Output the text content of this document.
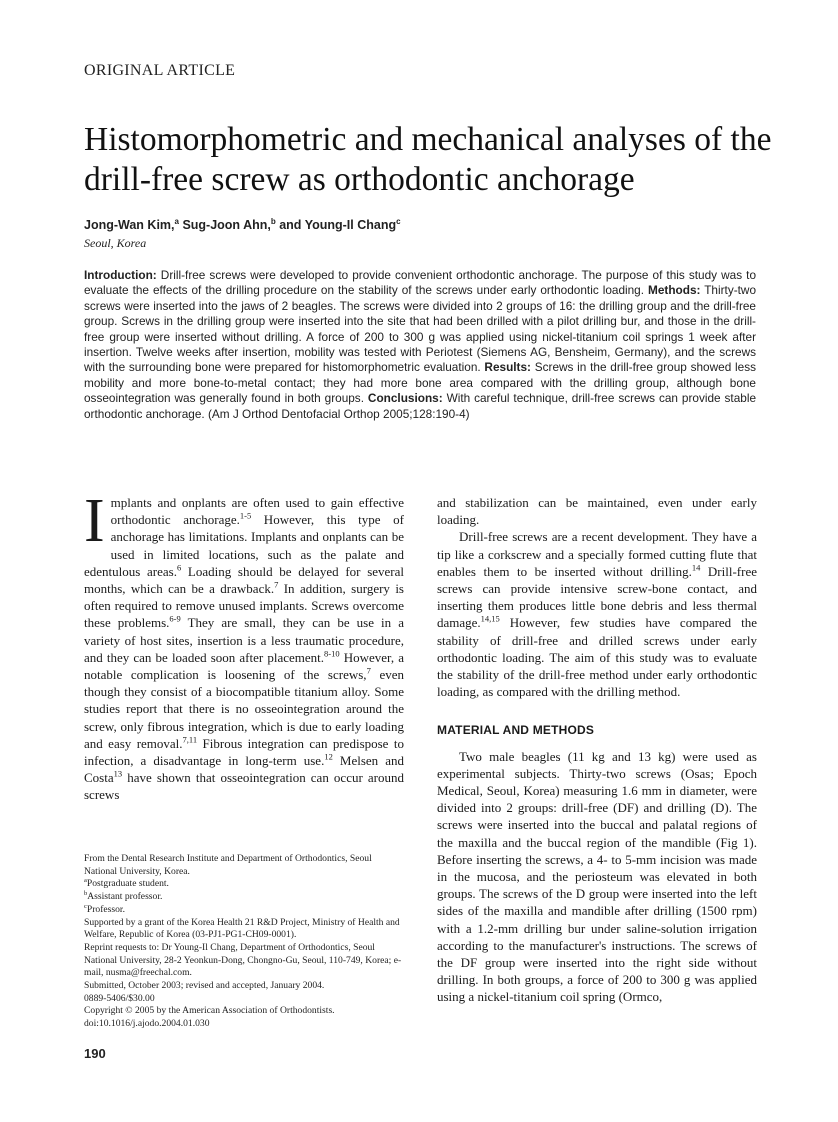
ORIGINAL ARTICLE
Histomorphometric and mechanical analyses of the drill-free screw as orthodontic anchorage
Jong-Wan Kim,$^a$ Sug-Joon Ahn,$^b$ and Young-Il Chang$^c$
Seoul, Korea

Introduction: Drill-free screws were developed to provide convenient orthodontic anchorage. The purpose of this study was to evaluate the effects of the drilling procedure on the stability of the screws under early orthodontic loading. Methods: Thirty-two screws were inserted into the jaws of 2 beagles. The screws were divided into 2 groups of 16: the drilling group and the drill-free group. Screws in the drilling group were inserted into the site that had been drilled with a pilot drilling bur, and those in the drill-free group were inserted without drilling. A force of 200 to 300 g was applied using nickel-titanium coil springs 1 week after insertion. Twelve weeks after insertion, mobility was tested with Periotest (Siemens AG, Bensheim, Germany), and the screws with the surrounding bone were prepared for histomorphometric evaluation. Results: Screws in the drill-free group showed less mobility and more bone-to-metal contact; they had more bone area compared with the drilling group, although bone osseointegration was generally found in both groups. Conclusions: With careful technique, drill-free screws can provide stable orthodontic anchorage. (Am J Orthod Dentofacial Orthop 2005;128:190-4)

Implants and onplants are often used to gain effective orthodontic anchorage.$^{1-5}$ However, this type of anchorage has limitations. Implants and onplants can be used in limited locations, such as the palate and edentulous areas.$^6$ Loading should be delayed for several months, which can be a drawback.$^7$ In addition, surgery is often required to remove unused implants. Screws overcome these problems.$^{6-9}$ They are small, they can be use in a variety of host sites, insertion is a less traumatic procedure, and they can be loaded soon after placement.$^{8-10}$ However, a notable complication is loosening of the screws,$^7$ even though they consist of a biocompatible titanium alloy. Some studies report that there is no osseointegration around the screw, only fibrous integration, which is due to early loading and easy removal.$^{7,11}$ Fibrous integration can predispose to infection, a disadvantage in long-term use.$^{12}$ Melsen and Costa$^{13}$ have shown that osseointegration can occur around screws

From the Dental Research Institute and Department of Orthodontics, Seoul National University, Korea.

$^a$Postgraduate student.

$^b$Assistant professor.

$^c$Professor.

Supported by a grant of the Korea Health 21 R&D Project, Ministry of Health and Welfare, Republic of Korea (03-PJ1-PG1-CH09-0001).

Reprint requests to: Dr Young-Il Chang, Department of Orthodontics, Seoul National University, 28-2 Yeonkun-Dong, Chongno-Gu, Seoul, 110-749, Korea; e-mail, nusma@freechal.com.

Submitted, October 2003; revised and accepted, January 2004.

0889-5406/$30.00

Copyright © 2005 by the American Association of Orthodontists.

doi:10.1016/j.ajodo.2004.01.030

and stabilization can be maintained, even under early loading.

Drill-free screws are a recent development. They have a tip like a corkscrew and a specially formed cutting flute that enables them to be inserted without drilling.$^{14}$ Drill-free screws can provide intensive screw-bone contact, and inserting them produces little bone debris and less thermal damage.$^{14,15}$ However, few studies have compared the stability of drill-free and drilled screws under early orthodontic loading. The aim of this study was to evaluate the stability of the drill-free method under early orthodontic loading, as compared with the drilling method.

MATERIAL AND METHODS

Two male beagles (11 kg and 13 kg) were used as experimental subjects. Thirty-two screws (Osas; Epoch Medical, Seoul, Korea) measuring 1.6 mm in diameter, were divided into 2 groups: drill-free (DF) and drilling (D). The screws were inserted into the buccal and palatal regions of the maxilla and the buccal region of the mandible (Fig 1). Before inserting the screws, a 4- to 5-mm incision was made in the mucosa, and the periosteum was elevated in both groups. The screws of the D group were inserted into the left sides of the maxilla and mandible after drilling (1500 rpm) with a 1.2-mm drilling bur under saline-solution irrigation according to the manufacturer's instructions. The screws of the DF group were inserted into the right side without drilling. In both groups, a force of 200 to 300 g was applied using a nickel-titanium coil spring (Ormco,

190
